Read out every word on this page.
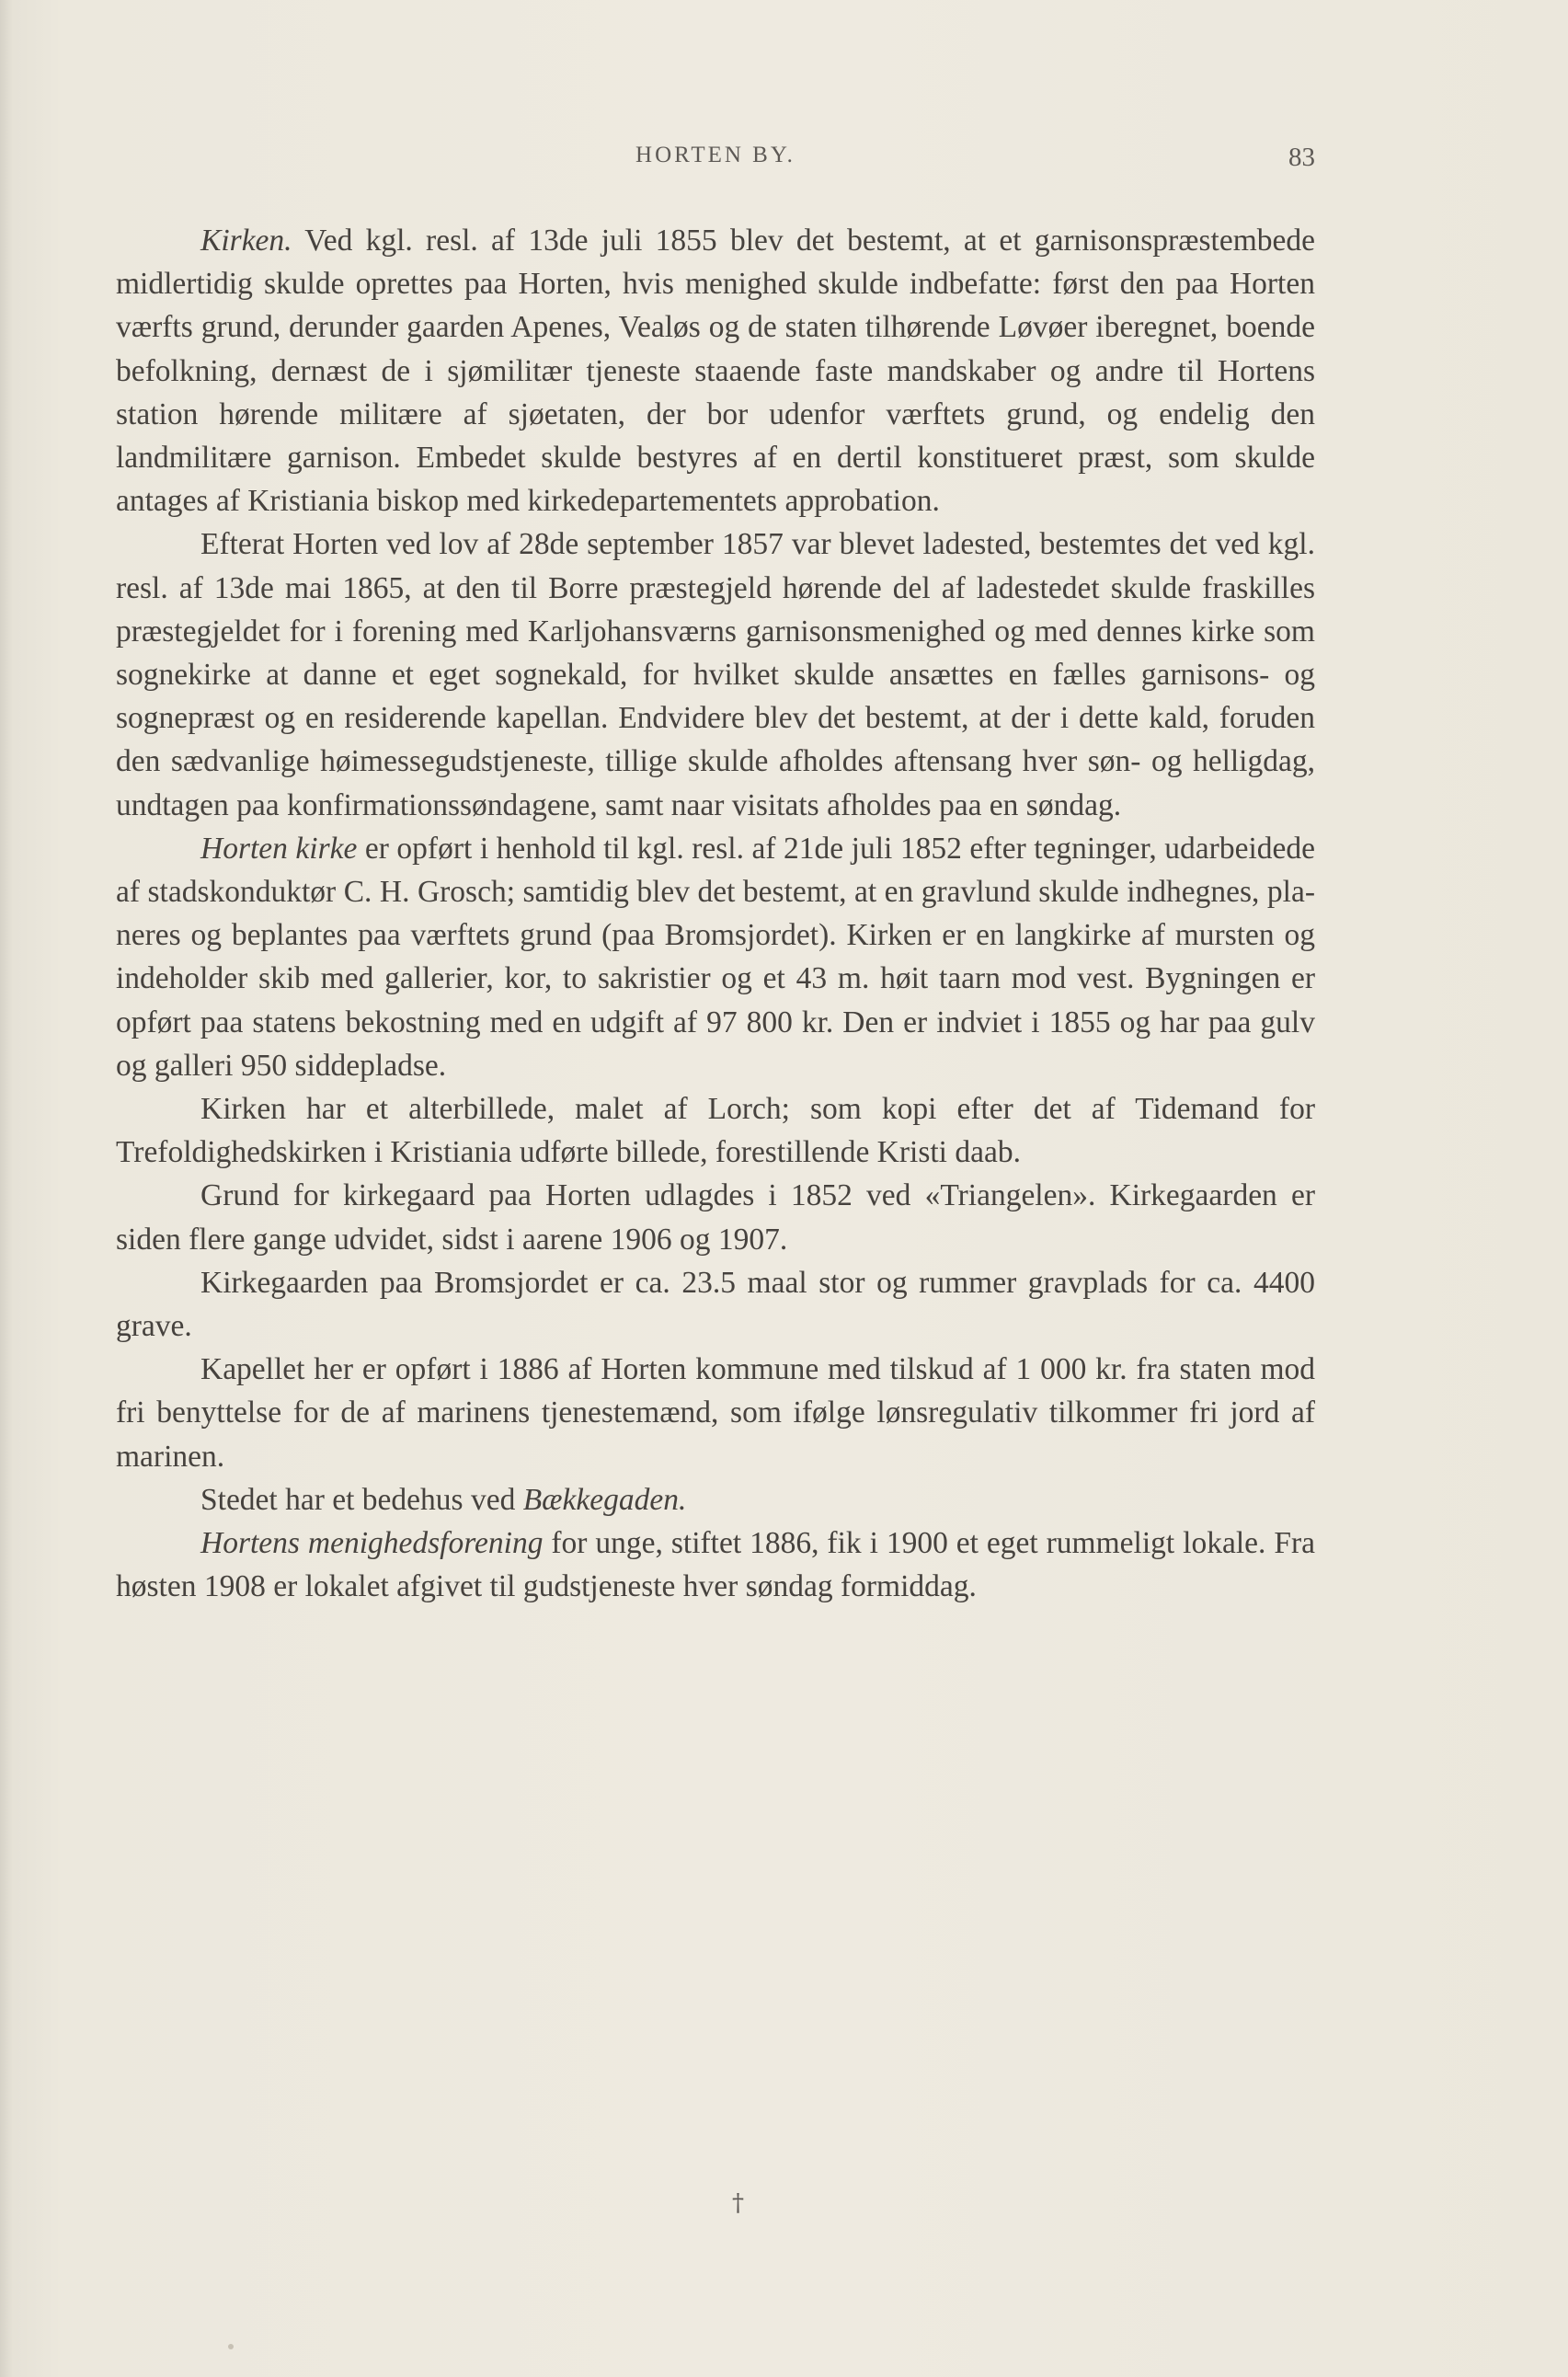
HORTEN BY.	83

Kirken. Ved kgl. resl. af 13de juli 1855 blev det bestemt, at et garnisonspræstembede midlertidig skulde oprettes paa Horten, hvis menighed skulde indbefatte: først den paa Horten værfts grund, derunder gaarden Apenes, Vealøs og de staten tilhørende Løvøer iberegnet, boende befolkning, dernæst de i sjømilitær tjeneste staaende faste mandskaber og andre til Hortens station hørende militære af sjøetaten, der bor udenfor værftets grund, og endelig den landmilitære garnison. Embedet skulde bestyres af en dertil konstitueret præst, som skulde antages af Kristiania biskop med kirkedepartementets approbation.

Efterat Horten ved lov af 28de september 1857 var blevet ladested, bestemtes det ved kgl. resl. af 13de mai 1865, at den til Borre præstegjeld hørende del af ladestedet skulde fraskilles præstegjeldet for i forening med Karljohansværns garnisonsmenighed og med dennes kirke som sognekirke at danne et eget sognekald, for hvilket skulde ansættes en fælles garnisons- og sognepræst og en residerende kapellan. Endvidere blev det bestemt, at der i dette kald, foruden den sædvanlige høimessegudstjeneste, tillige skulde afholdes aftensang hver søn- og helligdag, undtagen paa konfirmationssøndagene, samt naar visitats afholdes paa en søndag.

Horten kirke er opført i henhold til kgl. resl. af 21de juli 1852 efter tegninger, udarbeidede af stadskonduktør C. H. Grosch; samtidig blev det bestemt, at en gravlund skulde indhegnes, planeres og beplantes paa værftets grund (paa Bromsjordet). Kirken er en langkirke af mursten og indeholder skib med gallerier, kor, to sakristier og et 43 m. høit taarn mod vest. Bygningen er opført paa statens bekostning med en udgift af 97 800 kr. Den er indviet i 1855 og har paa gulv og galleri 950 siddepladse.

Kirken har et alterbillede, malet af Lorch; som kopi efter det af Tidemand for Trefoldighedskirken i Kristiania udførte billede, forestillende Kristi daab.

Grund for kirkegaard paa Horten udlagdes i 1852 ved «Triangelen». Kirkegaarden er siden flere gange udvidet, sidst i aarene 1906 og 1907.

Kirkegaarden paa Bromsjordet er ca. 23.5 maal stor og rummer gravplads for ca. 4400 grave.

Kapellet her er opført i 1886 af Horten kommune med tilskud af 1 000 kr. fra staten mod fri benyttelse for de af marinens tjenestemænd, som ifølge lønsregulativ tilkommer fri jord af marinen.

Stedet har et bedehus ved Bækkegaden.

Hortens menighedsforening for unge, stiftet 1886, fik i 1900 et eget rummeligt lokale. Fra høsten 1908 er lokalet afgivet til gudstjeneste hver søndag formiddag.

†
